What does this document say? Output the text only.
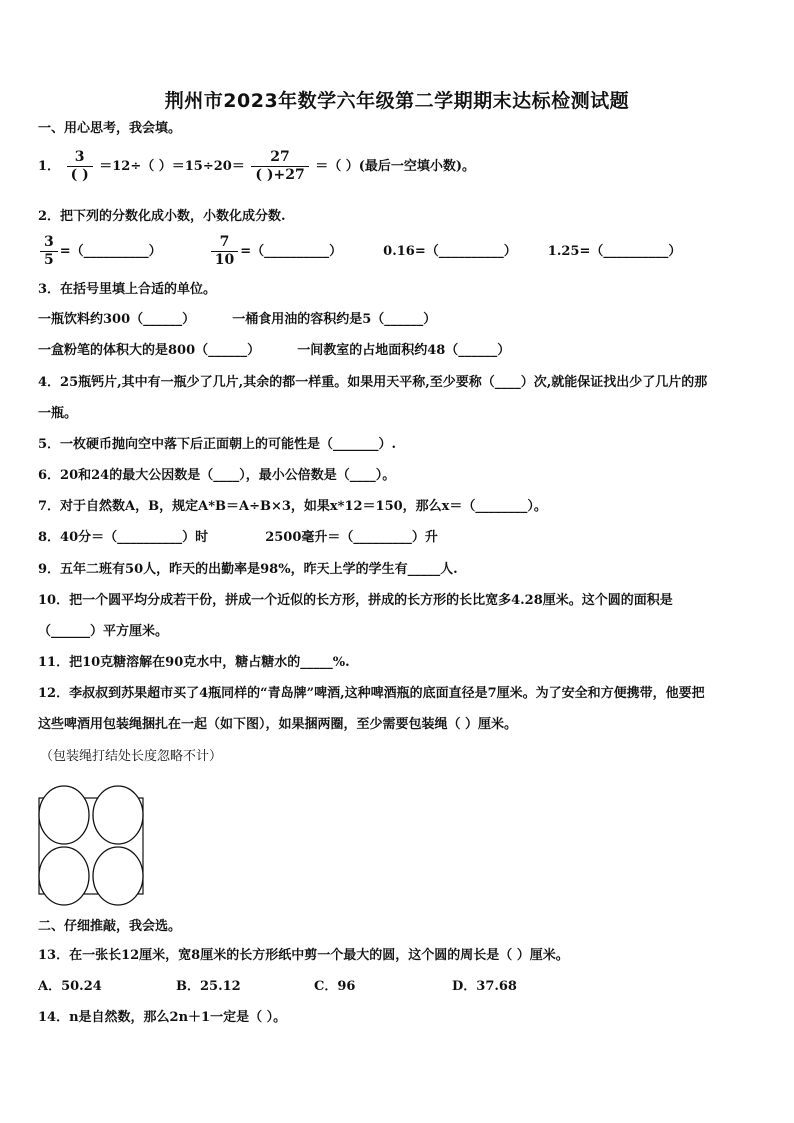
荆州市2023年数学六年级第二学期期末达标检测试题
一、用心思考，我会填。
1． $\frac{3}{( )} =12\div$（ ）$=15\div 20= \frac{27}{( )+27}$ ＝（ ）(最后一空填小数)。
2．把下列的分数化成小数，小数化成分数.
$\frac{3}{5}$ =（__________）	$\frac{7}{10}$ =（__________）	0.16=（__________） 1.25=（__________）
3．在括号里填上合适的单位。
一瓶饮料约300（______）	一桶食用油的容积约是5（______）
一盒粉笔的体积大的是800（______）	一间教室的占地面积约48（______）
4．25瓶钙片,其中有一瓶少了几片,其余的都一样重。如果用天平称,至少要称（____）次,就能保证找出少了几片的那
一瓶。
5．一枚硬币抛向空中落下后正面朝上的可能性是（_______）.
6．20和24的最大公因数是（____），最小公倍数是（____）。
7．对于自然数A，B，规定A*B＝A÷B×3，如果x*12＝150，那么x＝（________）。
8．40分＝（__________）时	2500毫升＝（_________）升
9．五年二班有50人，昨天的出勤率是98%，昨天上学的学生有_____人.
10．把一个圆平均分成若干份，拼成一个近似的长方形，拼成的长方形的长比宽多4.28厘米。这个圆的面积是
（______）平方厘米。
11．把10克糖溶解在90克水中，糖占糖水的_____%.
12．李叔叔到苏果超市买了4瓶同样的“青岛牌”啤酒,这种啤酒瓶的底面直径是7厘米。为了安全和方便携带，他要把
这些啤酒用包装绳捆扎在一起（如下图），如果捆两圈，至少需要包装绳（ ）厘米。
（包装绳打结处长度忽略不计）
二、仔细推敲，我会选。
13．在一张长12厘米，宽8厘米的长方形纸中剪一个最大的圆，这个圆的周长是（ ）厘米。
A．50.24	B．25.12	C．96	D．37.68
14．n是自然数，那么2n＋1一定是（ ）。
